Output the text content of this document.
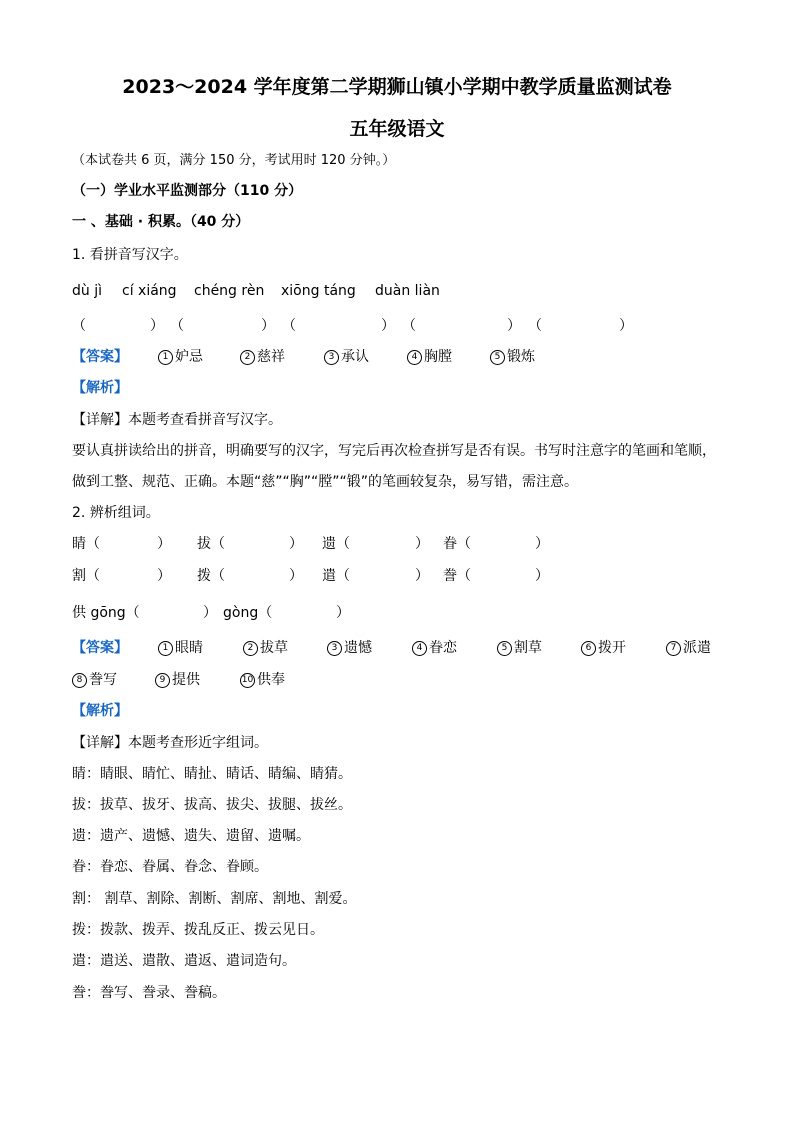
2023～2024 学年度第二学期狮山镇小学期中教学质量监测试卷
五年级语文
（本试卷共 6 页，满分 150 分，考试用时 120 分钟。）
（一）学业水平监测部分（110 分）
一 、基础 · 积累。（40 分）
1. 看拼音写汉字。
dù jì cí xiáng chéng rèn xiōng táng duàn liàn
（	） （	） （	） （	） （	）
【答案】	1 妒忌	2 慈祥	3 承认	4 胸膛	5 锻炼
【解析】
【详解】本题考查看拼音写汉字。
要认真拼读给出的拼音，明确要写的汉字，写完后再次检查拼写是否有误。书写时注意字的笔画和笔顺，
做到工整、规范、正确。本题“慈”“胸”“膛”“锻”的笔画较复杂，易写错，需注意。
2. 辨析组词。
睛（	） 拔（	） 遗（	） 眷（	）
割（	） 拨（	） 遣（	） 誊（	）
供 gōng（	） gòng（	）
【答案】	1 眼睛	2 拔草	3 遗憾	4 眷恋	5 割草	6 拨开	7 派遣
8 誊写	9 提供	10 供奉
【解析】
【详解】本题考查形近字组词。
睛：睛眼、睛忙、睛扯、睛话、睛编、睛猜。
拔：拔草、拔牙、拔高、拔尖、拔腿、拔丝。
遗：遗产、遗憾、遗失、遗留、遗嘱。
眷：眷恋、眷属、眷念、眷顾。
割： 割草、割除、割断、割席、割地、割爱。
拨：拨款、拨弄、拨乱反正、拨云见日。
遣：遣送、遣散、遣返、遣词造句。
誊：誊写、誊录、誊稿。
